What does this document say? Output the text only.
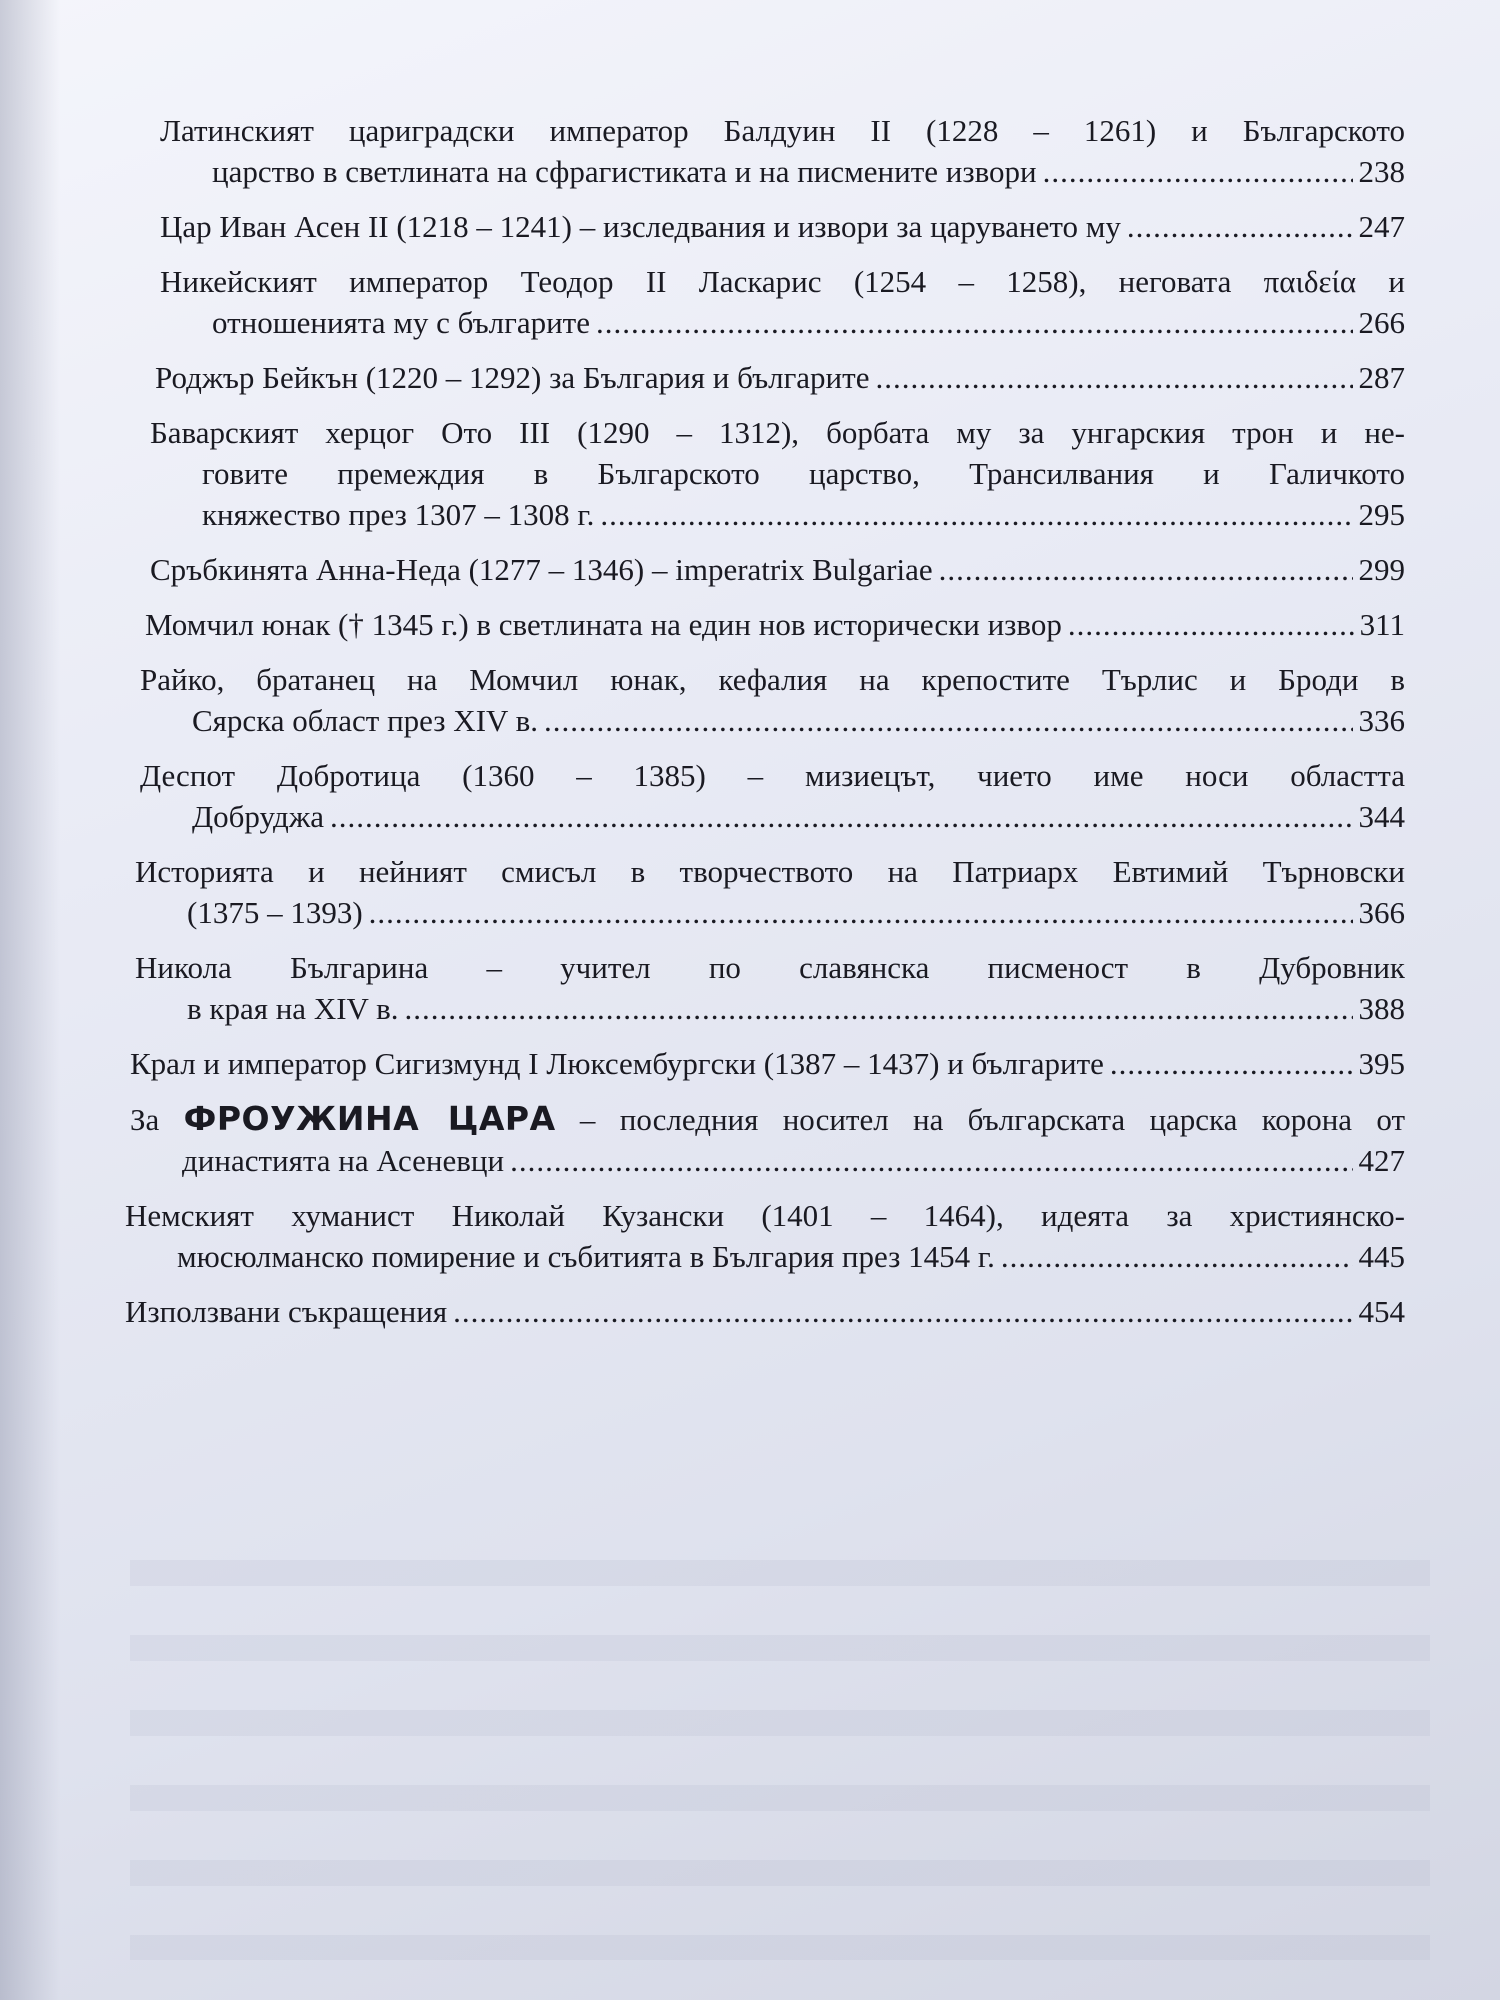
Латинският цариградски император Балдуин II (1228 – 1261) и Българското
царство в светлината на сфрагистиката и на писмените извори .....	238
Цар Иван Асен II (1218 – 1241) – изследвания и извори за царуването му .....	247
Никейският император Теодор II Ласкарис (1254 – 1258), неговата παιδεία и
отношенията му с българите .....	266
Роджър Бейкън (1220 – 1292) за България и българите .....	287
Баварският херцог Ото III (1290 – 1312), борбата му за унгарския трон и не-
говите премеждия в Българското царство, Трансилвания и Галичкото
княжество през 1307 – 1308 г. .....	295
Сръбкинята Анна-Неда (1277 – 1346) – imperatrix Bulgariae .....	299
Момчил юнак († 1345 г.) в светлината на един нов исторически извор .....	311
Райко, братанец на Момчил юнак, кефалия на крепостите Търлис и Броди в
Сярска област през XIV в. .....	336
Деспот Добротица (1360 – 1385) – мизиецът, чието име носи областта
Добруджа .....	344
Историята и нейният смисъл в творчеството на Патриарх Евтимий Търновски
(1375 – 1393) .....	366
Никола Българина – учител по славянска писменост в Дубровник
в края на XIV в. .....	388
Крал и император Сигизмунд I Люксембургски (1387 – 1437) и българите .....	395
За ФРОУЖИНА ЦАРА – последния носител на българската царска корона от
династията на Асеневци .....	427
Немският хуманист Николай Кузански (1401 – 1464), идеята за християнско-
мюсюлманско помирение и събитията в България през 1454 г. .....	445
Използвани съкращения .....	454
